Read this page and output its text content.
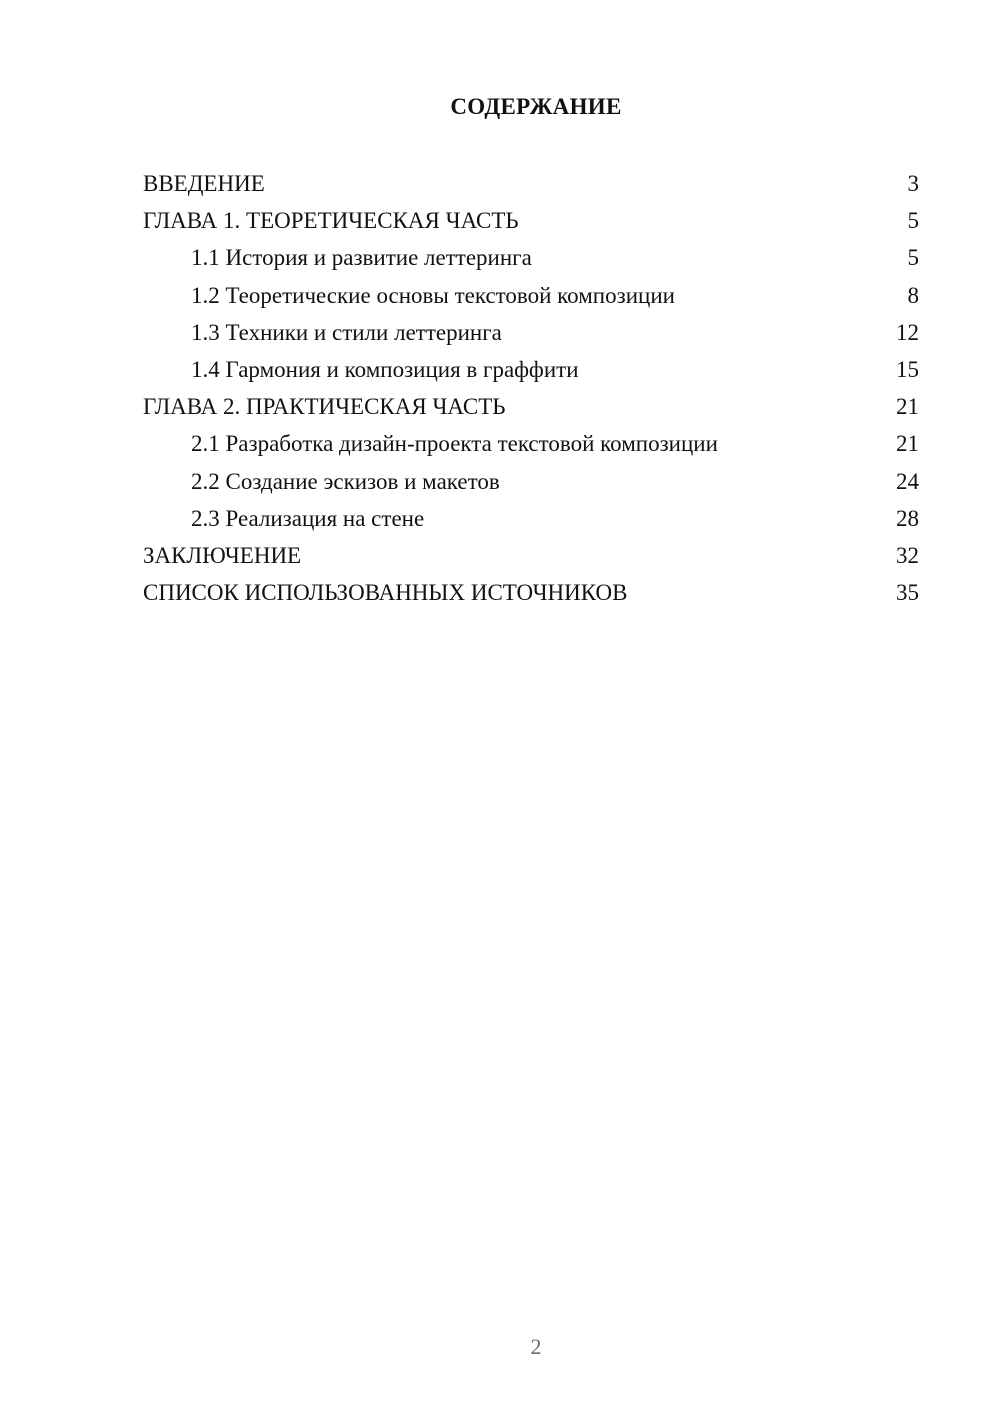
СОДЕРЖАНИЕ
ВВЕДЕНИЕ	3
ГЛАВА 1. ТЕОРЕТИЧЕСКАЯ ЧАСТЬ	5
1.1 История и развитие леттеринга	5
1.2 Теоретические основы текстовой композиции	8
1.3 Техники и стили леттеринга	12
1.4 Гармония и композиция в граффити	15
ГЛАВА 2. ПРАКТИЧЕСКАЯ ЧАСТЬ	21
2.1 Разработка дизайн-проекта текстовой композиции	21
2.2 Создание эскизов и макетов	24
2.3 Реализация на стене	28
ЗАКЛЮЧЕНИЕ	32
СПИСОК ИСПОЛЬЗОВАННЫХ ИСТОЧНИКОВ	35
2
